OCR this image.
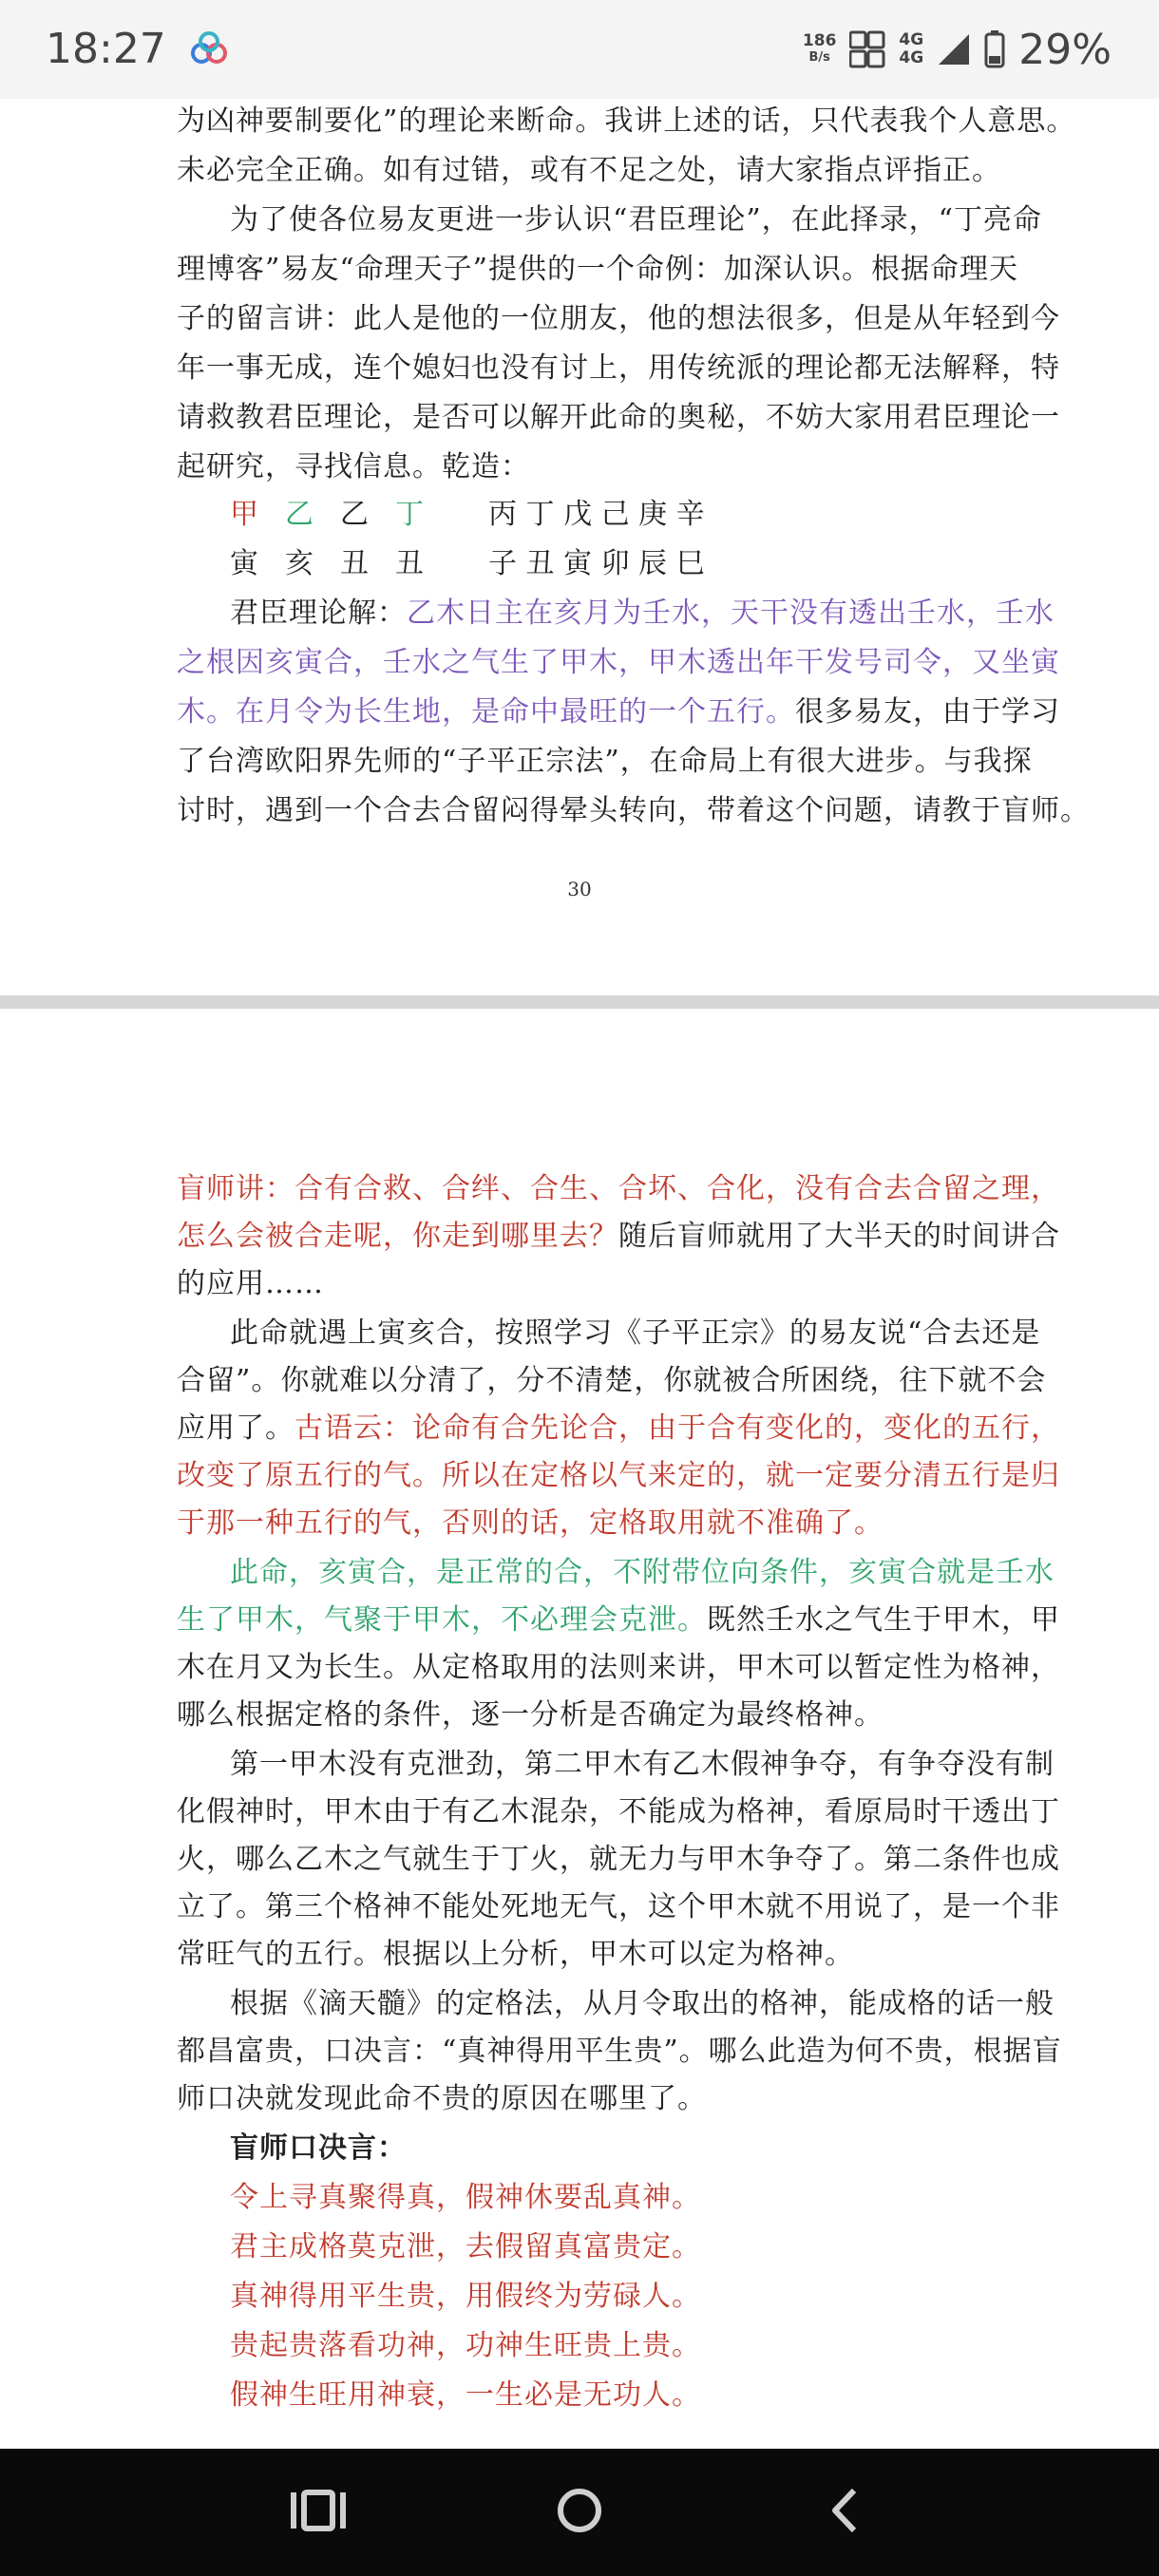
18:27	186
B/s
4G
4G 29%
为凶神要制要化”的理论来断命。我讲上述的话，只代表我个人意思。
未必完全正确。如有过错，或有不足之处，请大家指点评指正。
为了使各位易友更进一步认识“君臣理论”，在此择录，“丁亮命
理博客”易友“命理天子”提供的一个命例：加深认识。根据命理天
子的留言讲：此人是他的一位朋友，他的想法很多，但是从年轻到今
年一事无成，连个媳妇也没有讨上，用传统派的理论都无法解释，特
请救教君臣理论，是否可以解开此命的奥秘，不妨大家用君臣理论一
起研究，寻找信息。乾造：
甲 乙 乙 丁 丙 丁 戊 己 庚 辛
寅 亥 丑 丑 子 丑 寅 卯 辰 巳
君臣理论解：乙木日主在亥月为壬水，天干没有透出壬水，壬水
之根因亥寅合，壬水之气生了甲木，甲木透出年干发号司令，又坐寅
木。在月令为长生地，是命中最旺的一个五行。很多易友，由于学习
了台湾欧阳界先师的“子平正宗法”，在命局上有很大进步。与我探
讨时，遇到一个合去合留闷得晕头转向，带着这个问题，请教于盲师。
30
盲师讲：合有合救、合绊、合生、合坏、合化，没有合去合留之理，
怎么会被合走呢，你走到哪里去？随后盲师就用了大半天的时间讲合
的应用……
此命就遇上寅亥合，按照学习《子平正宗》的易友说“合去还是
合留”。你就难以分清了，分不清楚，你就被合所困绕，往下就不会
应用了。古语云：论命有合先论合，由于合有变化的，变化的五行，
改变了原五行的气。所以在定格以气来定的，就一定要分清五行是归
于那一种五行的气，否则的话，定格取用就不准确了。
此命，亥寅合，是正常的合，不附带位向条件，亥寅合就是壬水
生了甲木，气聚于甲木，不必理会克泄。既然壬水之气生于甲木，甲
木在月又为长生。从定格取用的法则来讲，甲木可以暂定性为格神，
哪么根据定格的条件，逐一分析是否确定为最终格神。
第一甲木没有克泄劲，第二甲木有乙木假神争夺，有争夺没有制
化假神时，甲木由于有乙木混杂，不能成为格神，看原局时干透出丁
火，哪么乙木之气就生于丁火，就无力与甲木争夺了。第二条件也成
立了。第三个格神不能处死地无气，这个甲木就不用说了，是一个非
常旺气的五行。根据以上分析，甲木可以定为格神。
根据《滴天髓》的定格法，从月令取出的格神，能成格的话一般
都昌富贵，口决言：“真神得用平生贵”。哪么此造为何不贵，根据盲
师口决就发现此命不贵的原因在哪里了。
盲师口决言：
令上寻真聚得真，假神休要乱真神。
君主成格莫克泄，去假留真富贵定。
真神得用平生贵，用假终为劳碌人。
贵起贵落看功神，功神生旺贵上贵。
假神生旺用神衰，一生必是无功人。
